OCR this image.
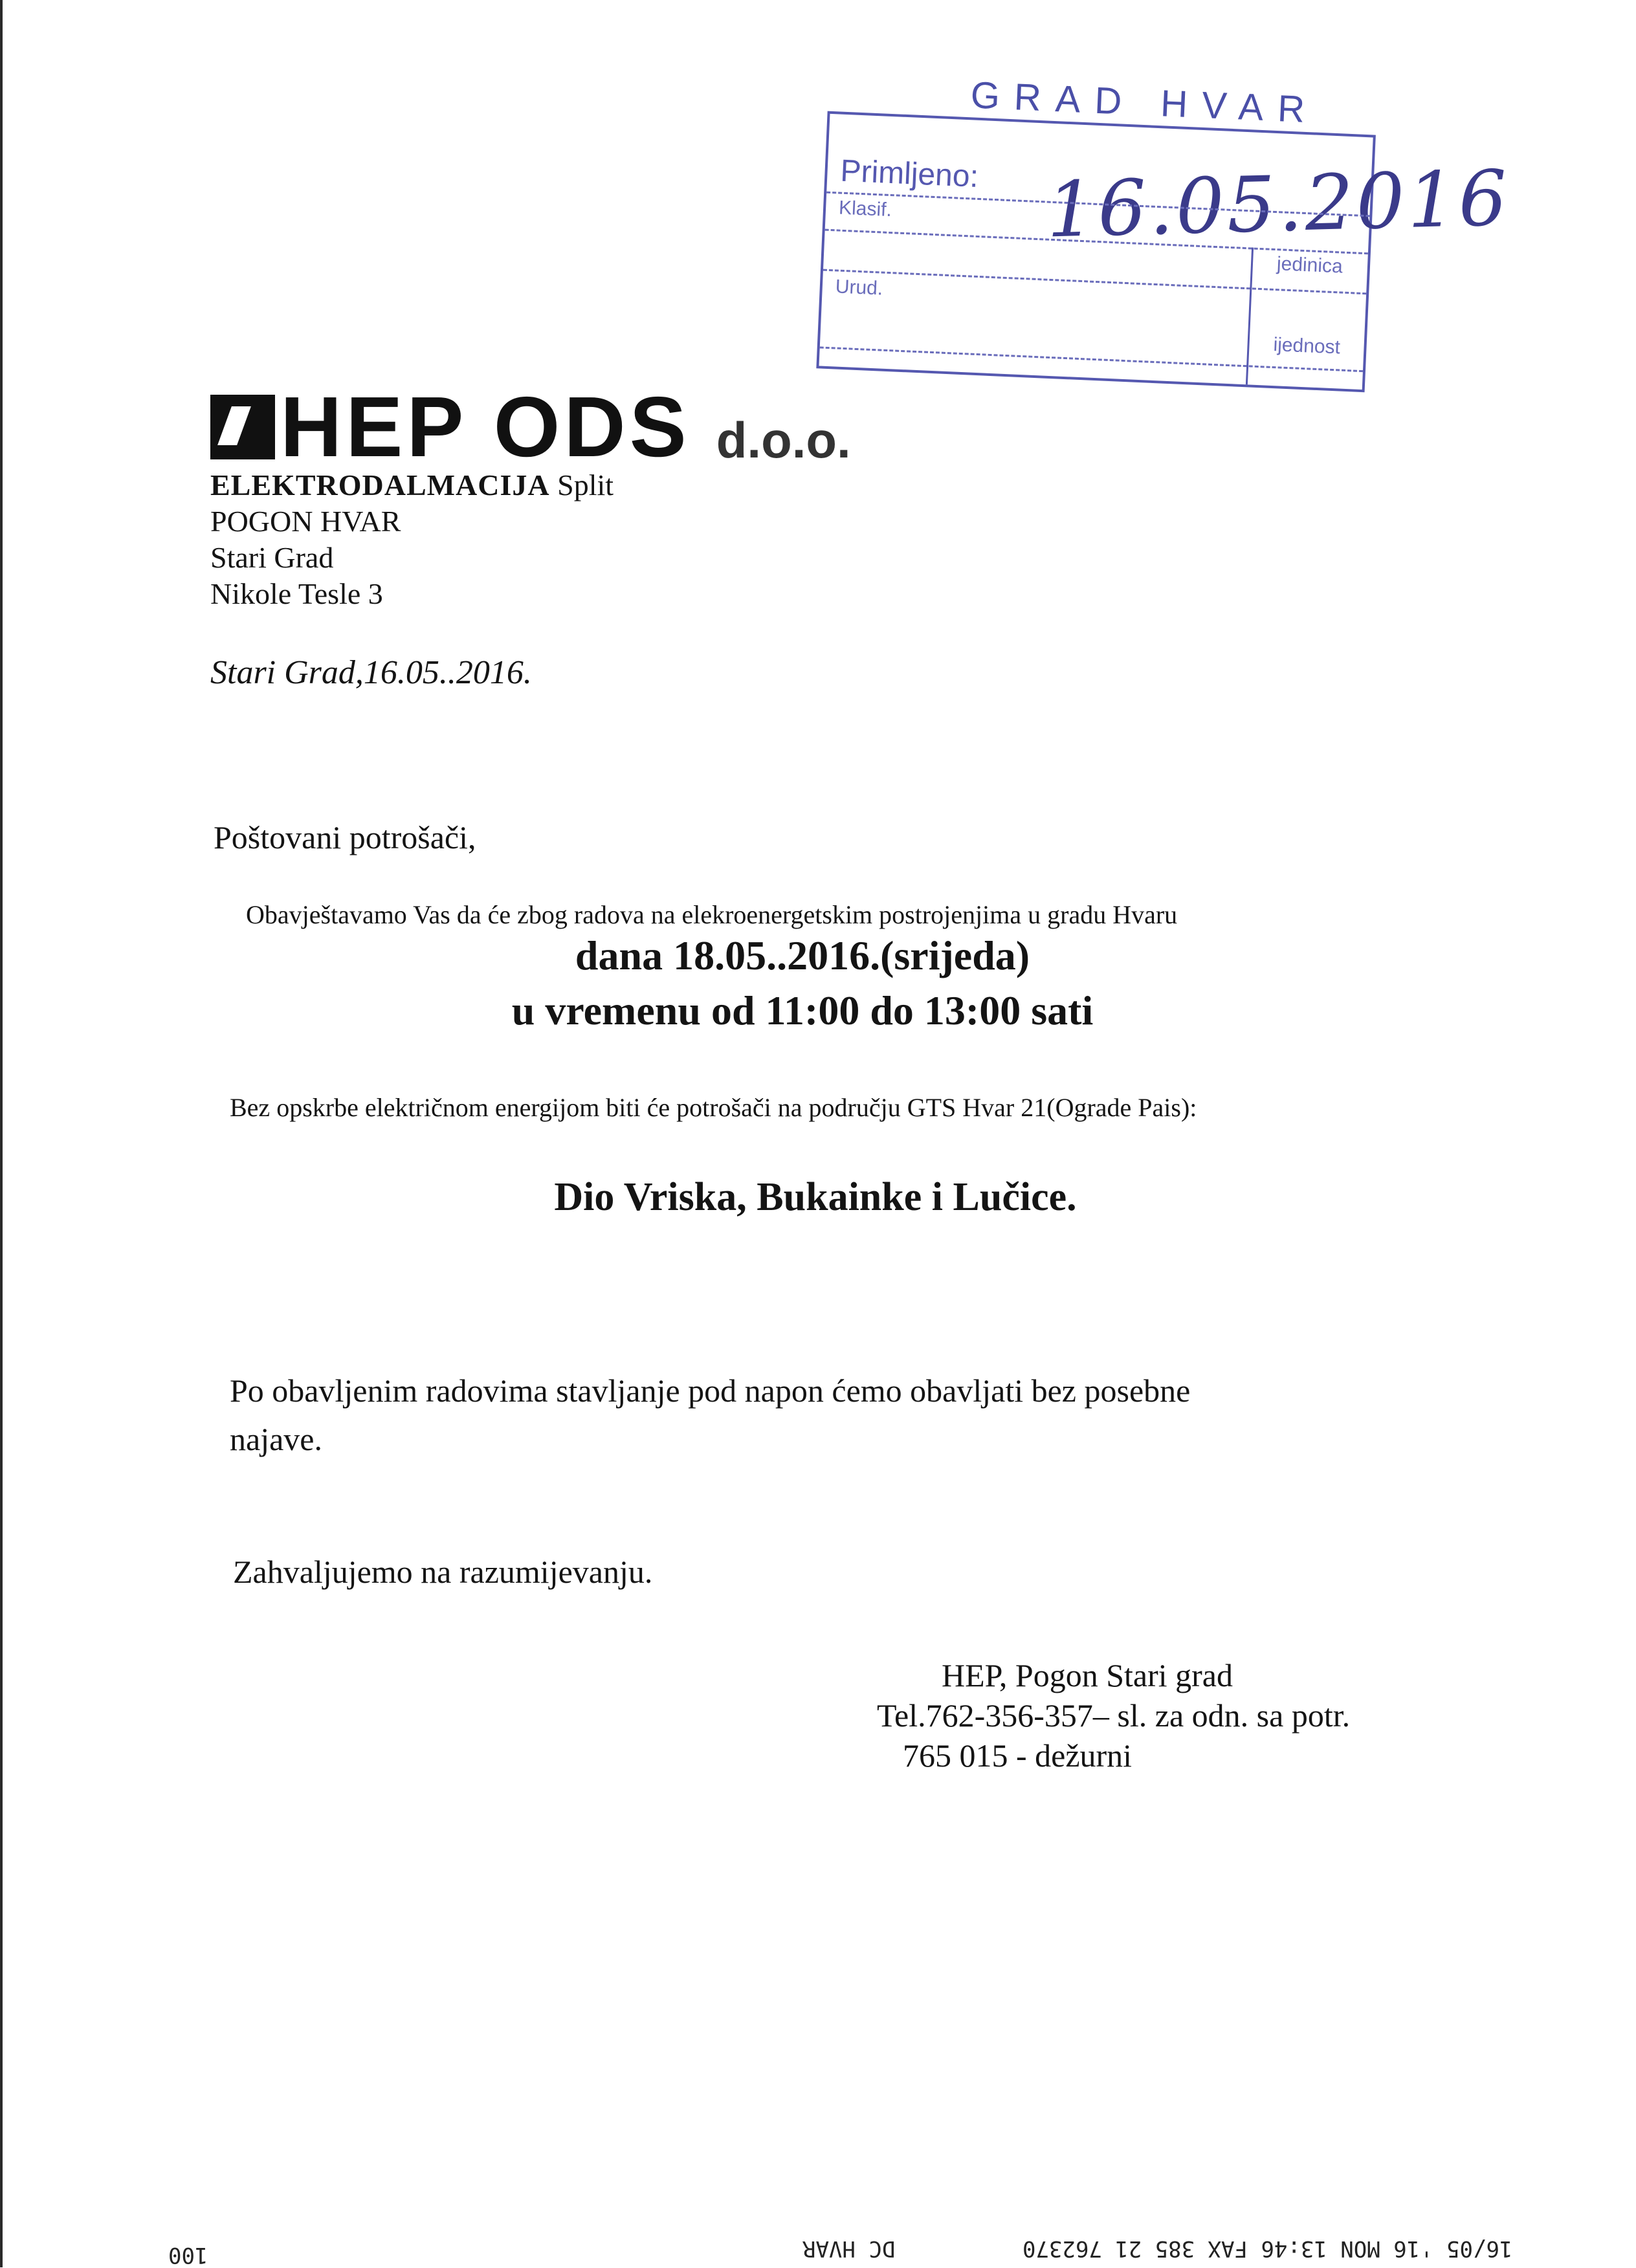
GRAD HVAR
Primljeno: 16.05.2016
Klasif.
jedinica
Urud.
ijednost
HEP ODS d.o.o.
ELEKTRODALMACIJA Split
POGON HVAR
Stari Grad
Nikole Tesle 3
Stari Grad,16.05..2016.
Poštovani potrošači,
Obavještavamo Vas da će zbog radova na elekroenergetskim postrojenjima u gradu Hvaru
dana 18.05..2016.(srijeda)
u vremenu od 11:00 do 13:00 sati
Bez opskrbe električnom energijom biti će potrošači na području GTS Hvar 21(Ograde Pais):
Dio Vriska, Bukainke i Lučice.
Po obavljenim radovima stavljanje pod napon ćemo obavljati bez posebne
najave.
Zahvaljujemo na razumijevanju.
HEP, Pogon Stari grad
Tel.762-356-357– sl. za odn. sa potr.
765 015 - dežurni
16/05 '16 MON 13:46 FAX 385 21 762370
DC HVAR
100
